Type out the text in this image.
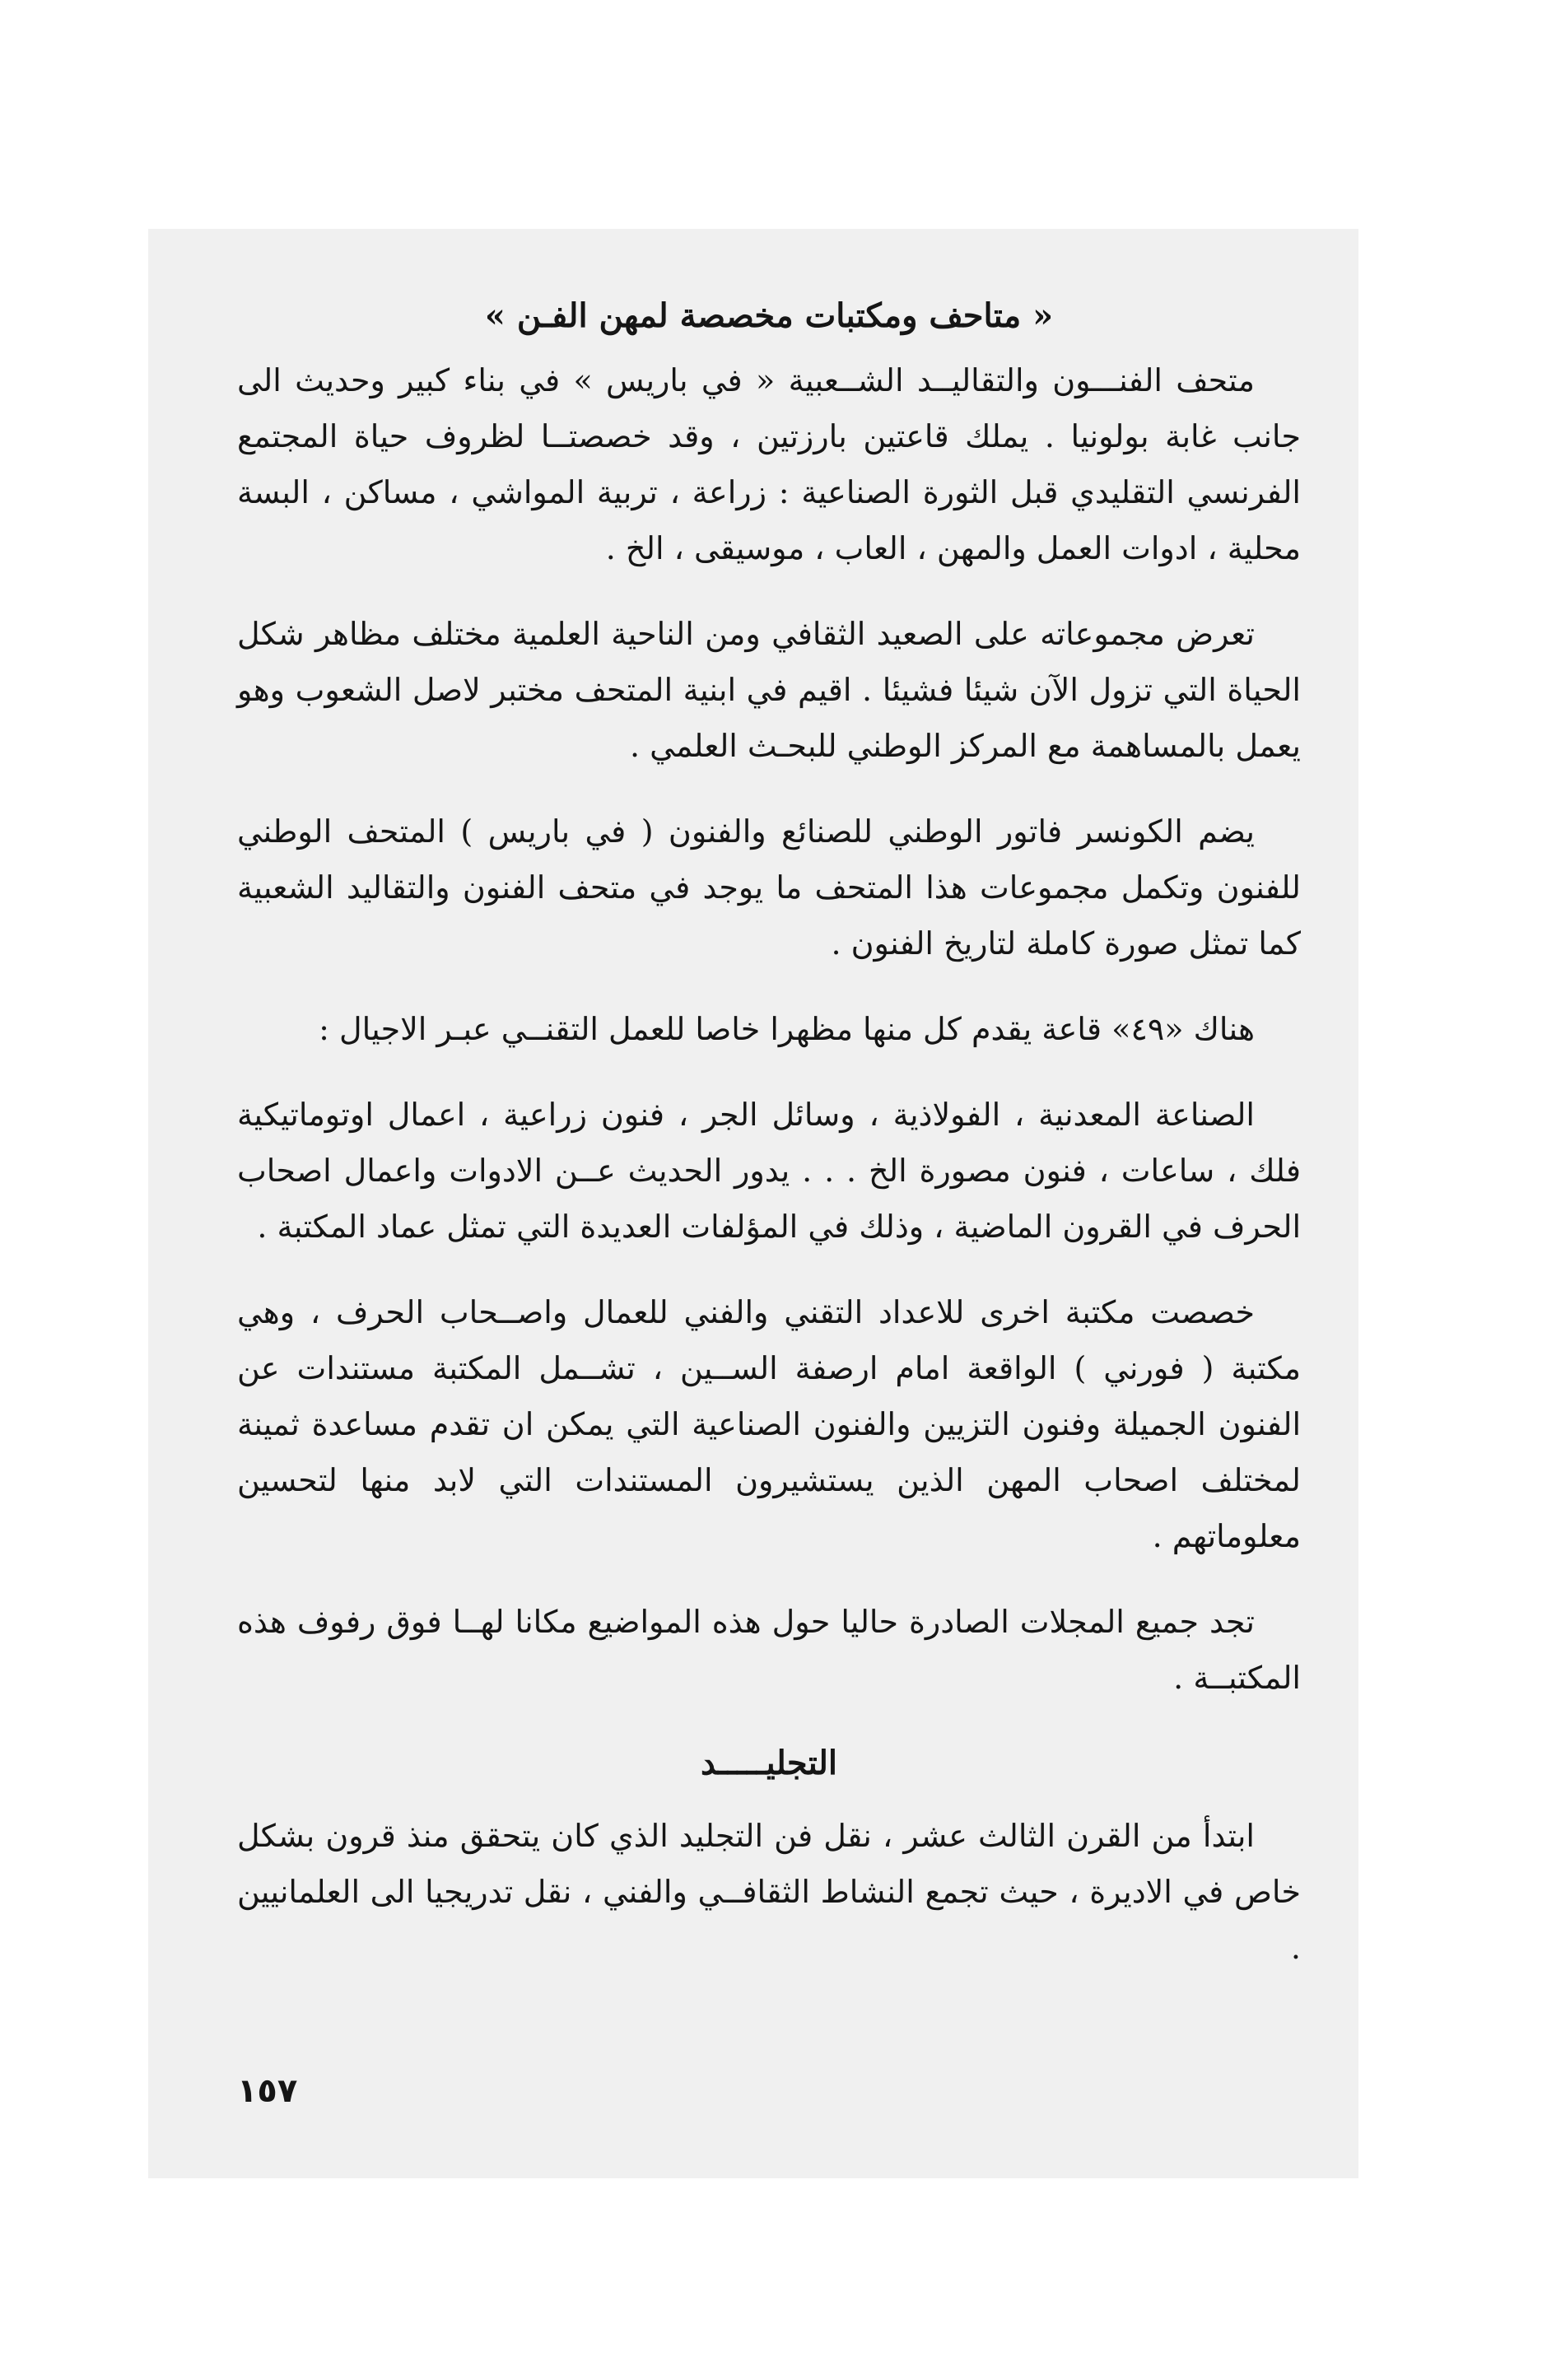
« متاحف ومكتبات مخصصة لمهن الفـن »

متحف الفنـــون والتقاليــد الشــعبية « في باريس » في بناء كبير وحديث الى جانب غابة بولونيا . يملك قاعتين بارزتين ، وقد خصصتــا لظروف حياة المجتمع الفرنسي التقليدي قبل الثورة الصناعية : زراعة ، تربية المواشي ، مساكن ، البسة محلية ، ادوات العمل والمهن ، العاب ، موسيقى ، الخ .

تعرض مجموعاته على الصعيد الثقافي ومن الناحية العلمية مختلف مظاهر شكل الحياة التي تزول الآن شيئا فشيئا . اقيم في ابنية المتحف مختبر لاصل الشعوب وهو يعمل بالمساهمة مع المركز الوطني للبحـث العلمي .

يضم الكونسر فاتور الوطني للصنائع والفنون ( في باريس ) المتحف الوطني للفنون وتكمل مجموعات هذا المتحف ما يوجد في متحف الفنون والتقاليد الشعبية كما تمثل صورة كاملة لتاريخ الفنون .

هناك «٤٩» قاعة يقدم كل منها مظهرا خاصا للعمل التقنــي عبـر الاجيال :

الصناعة المعدنية ، الفولاذية ، وسائل الجر ، فنون زراعية ، اعمال اوتوماتيكية فلك ، ساعات ، فنون مصورة الخ . . . يدور الحديث عــن الادوات واعمال اصحاب الحرف في القرون الماضية ، وذلك في المؤلفات العديدة التي تمثل عماد المكتبة .

خصصت مكتبة اخرى للاعداد التقني والفني للعمال واصــحاب الحرف ، وهي مكتبة ( فورني ) الواقعة امام ارصفة الســين ، تشــمل المكتبة مستندات عن الفنون الجميلة وفنون التزيين والفنون الصناعية التي يمكن ان تقدم مساعدة ثمينة لمختلف اصحاب المهن الذين يستشيرون المستندات التي لابد منها لتحسين معلوماتهم .

تجد جميع المجلات الصادرة حاليا حول هذه المواضيع مكانا لهــا فوق رفوف هذه المكتبــة .

التجليـــــد

ابتدأ من القرن الثالث عشر ، نقل فن التجليد الذي كان يتحقق منذ قرون بشكل خاص في الاديرة ، حيث تجمع النشاط الثقافــي والفني ، نقل تدريجيا الى العلمانيين .

١٥٧
